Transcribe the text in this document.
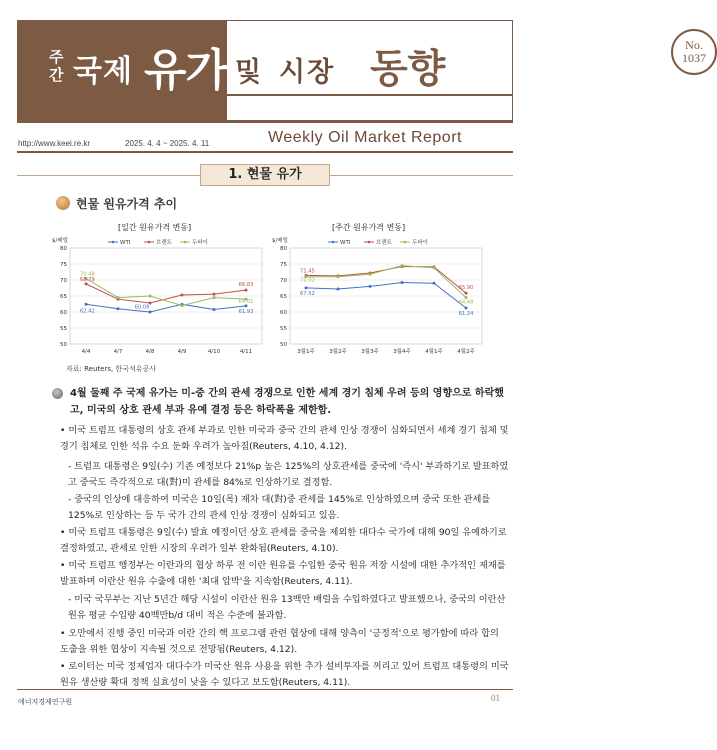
주
간 국제 유가	No.
1037
및 시장 동향
http://www.keei.re.kr	2025. 4. 4 ~ 2025. 4. 11	Weekly Oil Market Report
1. 현물 유가
현물 원유가격 추이
[일간 원유가격 변동]	[주간 원유가격 변동]
$/배럴
80
75
70
65
60
55
50
4/4	4/7	4/8	4/9	4/10	4/11
WTI	브렌트	두바이
70.48
68.79
62.42
60.08
66.83
64.01
61.93
$/배럴
80
75
70
65
60
55
50
3월1주	3월2주	3월3주	3월4주	4월1주	4월2주
WTI	브렌트	두바이
71.45
71.02
67.52
65.90
64.48
61.24
자료: Reuters, 한국석유공사
4월 둘째 주 국제 유가는 미-중 간의 관세 경쟁으로 인한 세계 경기 침체 우려 등의 영향으로 하락했고, 미국의 상호 관세 부과 유예 결정 등은 하락폭을 제한함.
• 미국 트럼프 대통령의 상호 관세 부과로 인한 미국과 중국 간의 관세 인상 경쟁이 심화되면서 세계 경기 침체 및 경기 침체로 인한 석유 수요 둔화 우려가 높아짐(Reuters, 4.10, 4.12).
- 트럼프 대통령은 9일(수) 기존 예정보다 21%p 높은 125%의 상호관세를 중국에 '즉시' 부과하기로 발표하였고 중국도 즉각적으로 대(對)미 관세를 84%로 인상하기로 결정함.
- 중국의 인상에 대응하여 미국은 10일(목) 재차 대(對)중 관세를 145%로 인상하였으며 중국 또한 관세를 125%로 인상하는 등 두 국가 간의 관세 인상 경쟁이 심화되고 있음.
• 미국 트럼프 대통령은 9일(수) 발효 예정이던 상호 관세를 중국을 제외한 대다수 국가에 대해 90일 유예하기로 결정하였고, 관세로 인한 시장의 우려가 일부 완화됨(Reuters, 4.10).
• 미국 트럼프 행정부는 이란과의 협상 하루 전 이란 원유를 수입한 중국 원유 저장 시설에 대한 추가적인 제재를 발표하며 이란산 원유 수출에 대한 '최대 압박'을 지속함(Reuters, 4.11).
- 미국 국무부는 지난 5년간 해당 시설이 이란산 원유 13백만 배럴을 수입하였다고 발표했으나, 중국의 이란산 원유 평균 수입량 40백만b/d 대비 적은 수준에 불과함.
• 오만에서 진행 중인 미국과 이란 간의 핵 프로그램 관련 협상에 대해 양측이 '긍정적'으로 평가함에 따라 합의 도출을 위한 협상이 지속될 것으로 전망됨(Reuters, 4.12).
• 로이터는 미국 정제업자 대다수가 미국산 원유 사용을 위한 추가 설비투자를 꺼리고 있어 트럼프 대통령의 미국 원유 생산량 확대 정책 실효성이 낮을 수 있다고 보도함(Reuters, 4.11).
에너지경제연구원	01
